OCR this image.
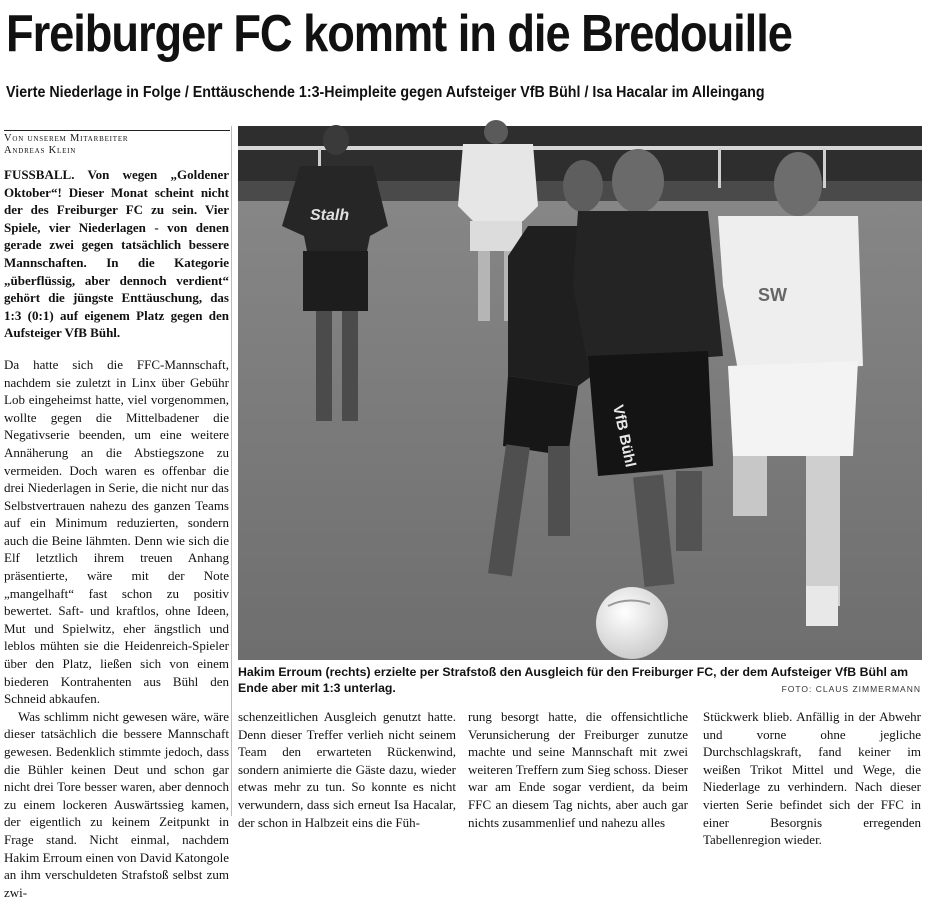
Freiburger FC kommt in die Bredouille
Vierte Niederlage in Folge / Enttäuschende 1:3-Heimpleite gegen Aufsteiger VfB Bühl / Isa Hacalar im Alleingang
Von unserem Mitarbeiter
Andreas Klein

FUSSBALL. Von wegen „Goldener Oktober“! Dieser Monat scheint nicht der des Freiburger FC zu sein. Vier Spiele, vier Niederlagen - von denen gerade zwei gegen tatsächlich bessere Mannschaften. In die Kategorie „überflüssig, aber dennoch verdient“ gehört die jüngste Enttäuschung, das 1:3 (0:1) auf eigenem Platz gegen den Aufsteiger VfB Bühl.

Da hatte sich die FFC-Mannschaft, nachdem sie zuletzt in Linx über Gebühr Lob eingeheimst hatte, viel vorgenommen, wollte gegen die Mittelbadener die Negativserie beenden, um eine weitere Annäherung an die Abstiegszone zu vermeiden. Doch waren es offenbar die drei Niederlagen in Serie, die nicht nur das Selbstvertrauen nahezu des ganzen Teams auf ein Minimum reduzierten, sondern auch die Beine lähmten. Denn wie sich die Elf letztlich ihrem treuen Anhang präsentierte, wäre mit der Note „mangelhaft“ fast schon zu positiv bewertet. Saft- und kraftlos, ohne Ideen, Mut und Spielwitz, eher ängstlich und leblos mühten sie die Heidenreich-Spieler über den Platz, ließen sich von einem biederen Kontrahenten aus Bühl den Schneid abkaufen.

Was schlimm nicht gewesen wäre, wäre dieser tatsächlich die bessere Mannschaft gewesen. Bedenklich stimmte jedoch, dass die Bühler keinen Deut und schon gar nicht drei Tore besser waren, aber dennoch zu einem lockeren Auswärtssieg kamen, der eigentlich zu keinem Zeitpunkt in Frage stand. Nicht einmal, nachdem Hakim Erroum einen von David Katongole an ihm verschuldeten Strafstoß selbst zum zwi-

Stalh
VfB Bühl
SW
Hakim Erroum (rechts) erzielte per Strafstoß den Ausgleich für den Freiburger FC, der dem Aufsteiger VfB Bühl am Ende aber mit 1:3 unterlag.	FOTO: CLAUS ZIMMERMANN

schenzeitlichen Ausgleich genutzt hatte. Denn dieser Treffer verlieh nicht seinem Team den erwarteten Rückenwind, sondern animierte die Gäste dazu, wieder etwas mehr zu tun. So konnte es nicht verwundern, dass sich erneut Isa Hacalar, der schon in Halbzeit eins die Füh-

rung besorgt hatte, die offensichtliche Verunsicherung der Freiburger zunutze machte und seine Mannschaft mit zwei weiteren Treffern zum Sieg schoss. Dieser war am Ende sogar verdient, da beim FFC an diesem Tag nichts, aber auch gar nichts zusammenlief und nahezu alles

Stückwerk blieb. Anfällig in der Abwehr und vorne ohne jegliche Durchschlagskraft, fand keiner im weißen Trikot Mittel und Wege, die Niederlage zu verhindern. Nach dieser vierten Serie befindet sich der FFC in einer Besorgnis erregenden Tabellenregion wieder.
